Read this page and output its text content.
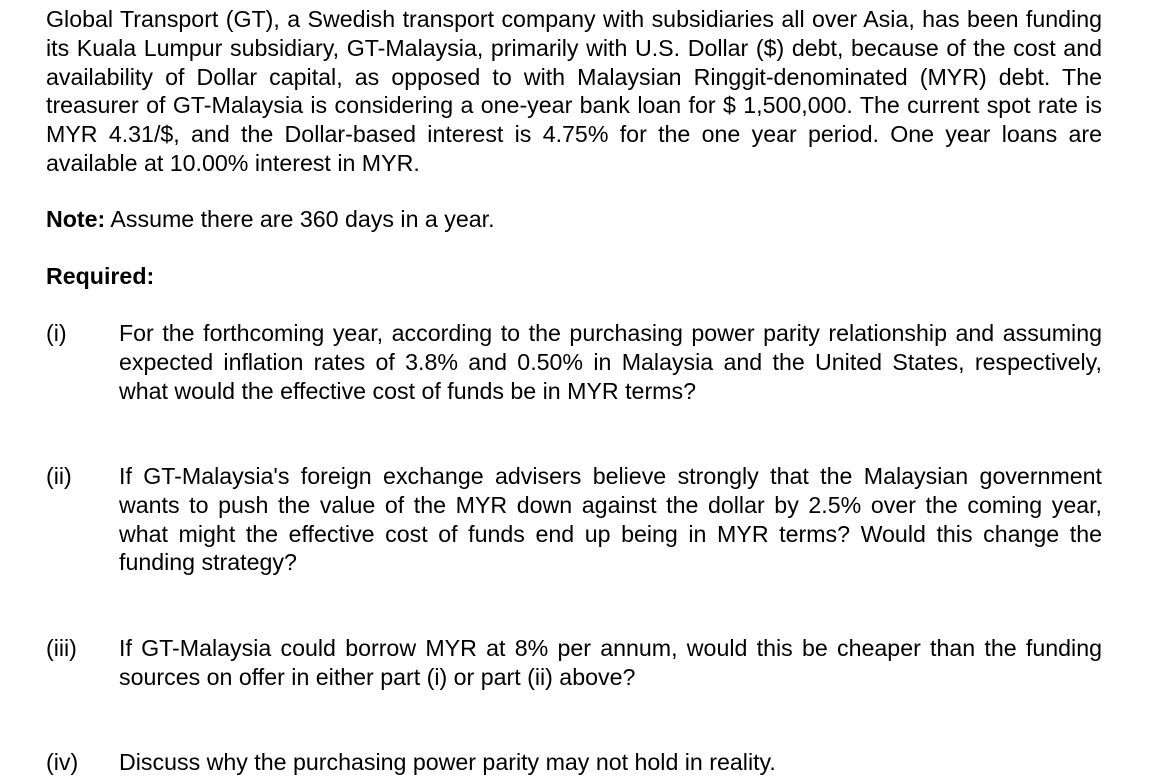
Global Transport (GT), a Swedish transport company with subsidiaries all over Asia, has been funding its Kuala Lumpur subsidiary, GT-Malaysia, primarily with U.S. Dollar ($) debt, because of the cost and availability of Dollar capital, as opposed to with Malaysian Ringgit-denominated (MYR) debt. The treasurer of GT-Malaysia is considering a one-year bank loan for $ 1,500,000. The current spot rate is MYR 4.31/$, and the Dollar-based interest is 4.75% for the one year period. One year loans are available at 10.00% interest in MYR.

Note: Assume there are 360 days in a year.

Required:

(i) For the forthcoming year, according to the purchasing power parity relationship and assuming expected inflation rates of 3.8% and 0.50% in Malaysia and the United States, respectively, what would the effective cost of funds be in MYR terms?

(ii) If GT-Malaysia's foreign exchange advisers believe strongly that the Malaysian government wants to push the value of the MYR down against the dollar by 2.5% over the coming year, what might the effective cost of funds end up being in MYR terms? Would this change the funding strategy?

(iii) If GT-Malaysia could borrow MYR at 8% per annum, would this be cheaper than the funding sources on offer in either part (i) or part (ii) above?

(iv) Discuss why the purchasing power parity may not hold in reality.
